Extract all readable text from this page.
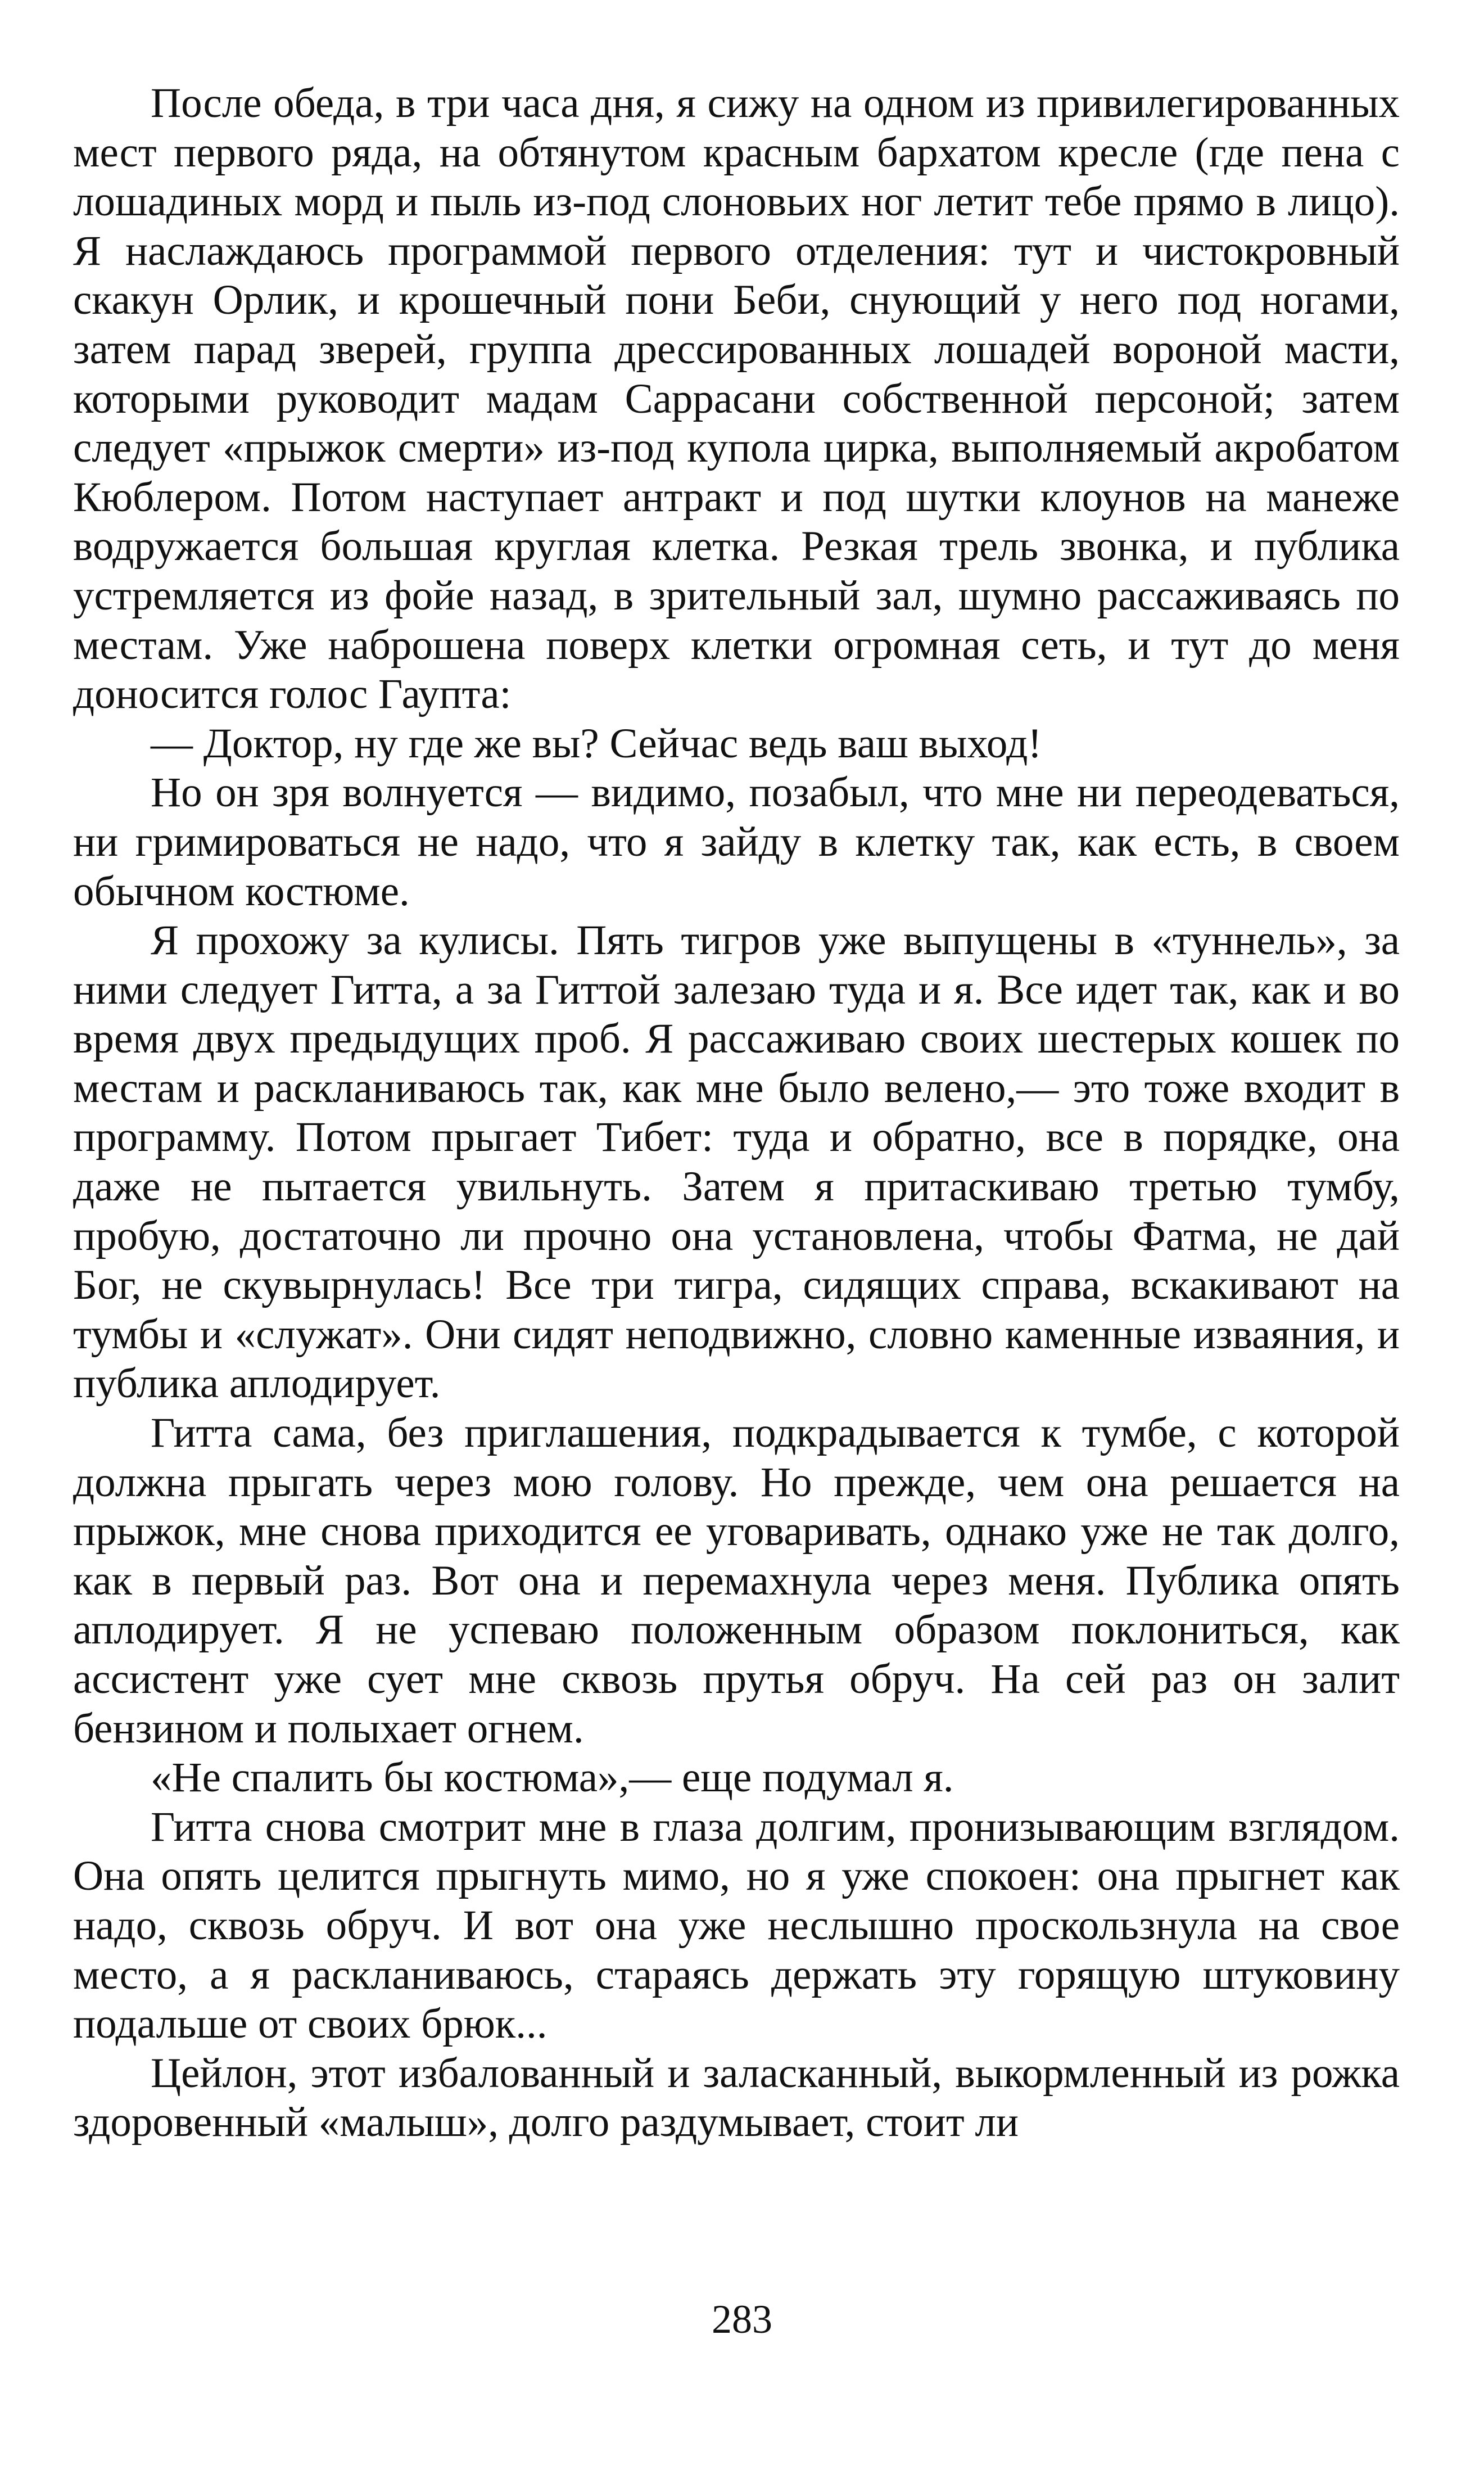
После обеда, в три часа дня, я сижу на одном из привилегированных мест первого ряда, на обтянутом красным бархатом кресле (где пена с лошадиных морд и пыль из-под слоновьих ног летит тебе прямо в лицо). Я наслаждаюсь программой первого отделения: тут и чистокровный скакун Орлик, и крошечный пони Беби, снующий у него под ногами, затем парад зверей, группа дрессированных лошадей вороной масти, которыми руководит мадам Саррасани собственной персоной; затем следует «прыжок смерти» из-под купола цирка, выполняемый акробатом Кюблером. Потом наступает антракт и под шутки клоунов на манеже водружается большая круглая клетка. Резкая трель звонка, и публика устремляется из фойе назад, в зрительный зал, шумно рассаживаясь по местам. Уже наброшена поверх клетки огромная сеть, и тут до меня доносится голос Гаупта:

— Доктор, ну где же вы? Сейчас ведь ваш выход!

Но он зря волнуется — видимо, позабыл, что мне ни переодеваться, ни гримироваться не надо, что я зайду в клетку так, как есть, в своем обычном костюме.

Я прохожу за кулисы. Пять тигров уже выпущены в «туннель», за ними следует Гитта, а за Гиттой залезаю туда и я. Все идет так, как и во время двух предыдущих проб. Я рассаживаю своих шестерых кошек по местам и раскланиваюсь так, как мне было велено,— это тоже входит в программу. Потом прыгает Тибет: туда и обратно, все в порядке, она даже не пытается увильнуть. Затем я притаскиваю третью тумбу, пробую, достаточно ли прочно она установлена, чтобы Фатма, не дай Бог, не скувырнулась! Все три тигра, сидящих справа, вскакивают на тумбы и «служат». Они сидят неподвижно, словно каменные изваяния, и публика аплодирует.

Гитта сама, без приглашения, подкрадывается к тумбе, с которой должна прыгать через мою голову. Но прежде, чем она решается на прыжок, мне снова приходится ее уговаривать, однако уже не так долго, как в первый раз. Вот она и перемахнула через меня. Публика опять аплодирует. Я не успеваю положенным образом поклониться, как ассистент уже сует мне сквозь прутья обруч. На сей раз он залит бензином и полыхает огнем.

«Не спалить бы костюма»,— еще подумал я.

Гитта снова смотрит мне в глаза долгим, пронизывающим взглядом. Она опять целится прыгнуть мимо, но я уже спокоен: она прыгнет как надо, сквозь обруч. И вот она уже неслышно проскользнула на свое место, а я раскланиваюсь, стараясь держать эту горящую штуковину подальше от своих брюк...

Цейлон, этот избалованный и заласканный, выкормленный из рожка здоровенный «малыш», долго раздумывает, стоит ли

283
